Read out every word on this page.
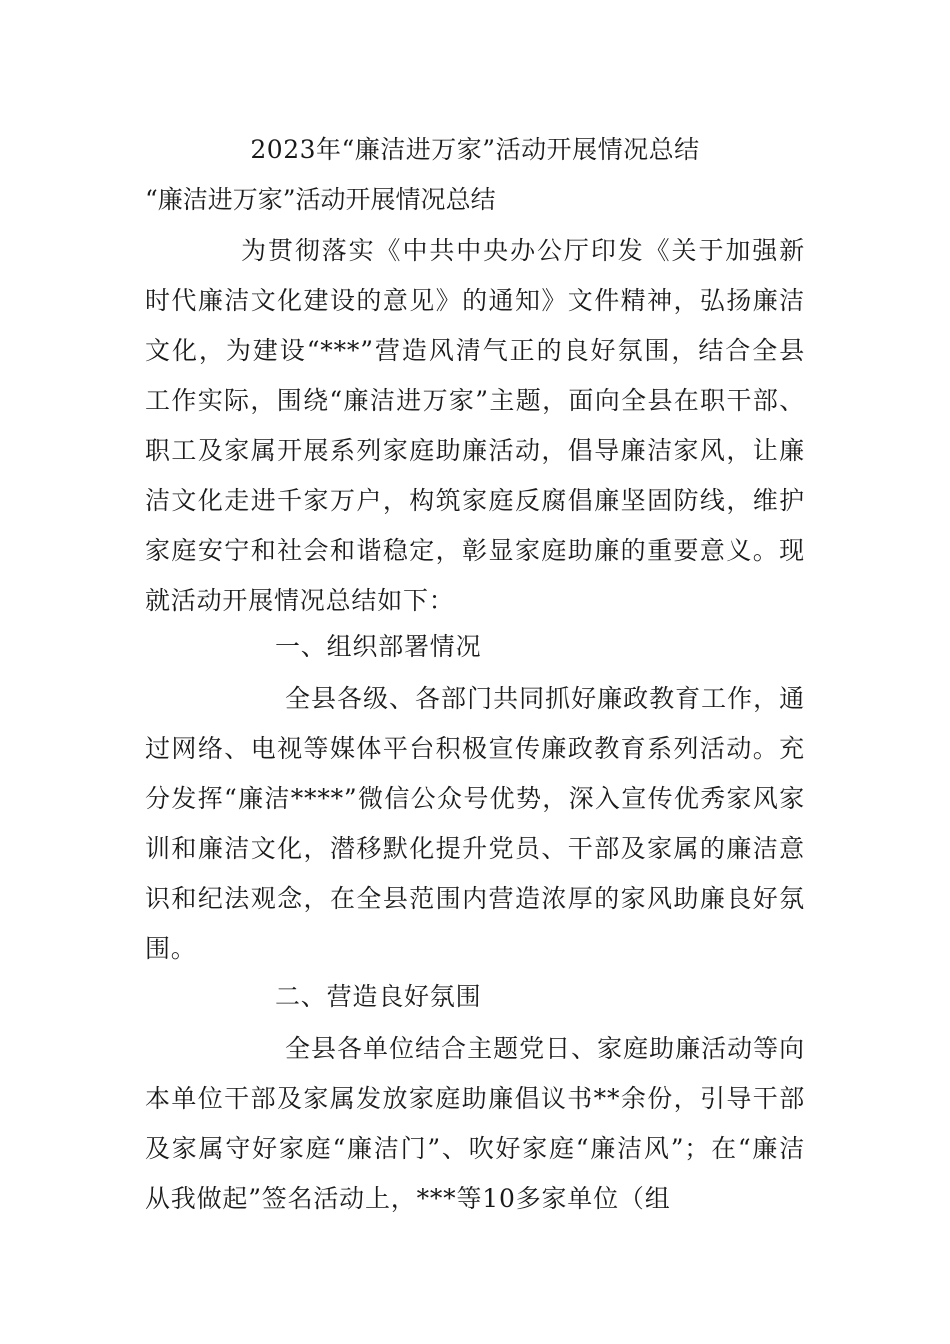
2023年“廉洁进万家”活动开展情况总结

“廉洁进万家”活动开展情况总结

为贯彻落实《中共中央办公厅印发《关于加强新时代廉洁文化建设的意见》的通知》文件精神，弘扬廉洁文化，为建设“***”营造风清气正的良好氛围，结合全县工作实际，围绕“廉洁进万家”主题，面向全县在职干部、职工及家属开展系列家庭助廉活动，倡导廉洁家风，让廉洁文化走进千家万户，构筑家庭反腐倡廉坚固防线，维护家庭安宁和社会和谐稳定，彰显家庭助廉的重要意义。现就活动开展情况总结如下：

一、组织部署情况

全县各级、各部门共同抓好廉政教育工作，通过网络、电视等媒体平台积极宣传廉政教育系列活动。充分发挥“廉洁****”微信公众号优势，深入宣传优秀家风家训和廉洁文化，潜移默化提升党员、干部及家属的廉洁意识和纪法观念，在全县范围内营造浓厚的家风助廉良好氛围。

二、营造良好氛围

全县各单位结合主题党日、家庭助廉活动等向本单位干部及家属发放家庭助廉倡议书**余份，引导干部及家属守好家庭“廉洁门”、吹好家庭“廉洁风”；在“廉洁从我做起”签名活动上，***等10多家单位（组
